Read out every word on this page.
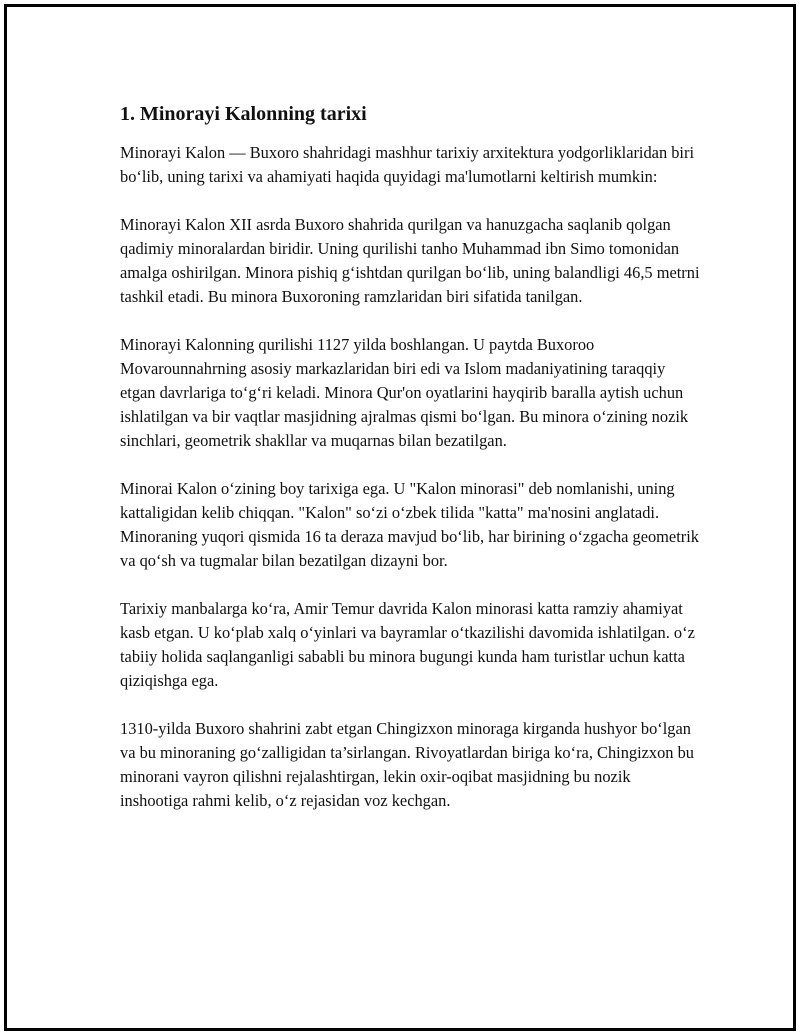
1. Minorayi Kalonning tarixi

Minorayi Kalon — Buxoro shahridagi mashhur tarixiy arxitektura yodgorliklaridan biri bo‘lib, uning tarixi va ahamiyati haqida quyidagi ma'lumotlarni keltirish mumkin:

Minorayi Kalon XII asrda Buxoro shahrida qurilgan va hanuzgacha saqlanib qolgan qadimiy minoralardan biridir. Uning qurilishi tanho Muhammad ibn Simo tomonidan amalga oshirilgan. Minora pishiq g‘ishtdan qurilgan bo‘lib, uning balandligi 46,5 metrni tashkil etadi. Bu minora Buxoroning ramzlaridan biri sifatida tanilgan.

Minorayi Kalonning qurilishi 1127 yilda boshlangan. U paytda Buxoroo Movarounnahrning asosiy markazlaridan biri edi va Islom madaniyatining taraqqiy etgan davrlariga to‘g‘ri keladi. Minora Qur'on oyatlarini hayqirib baralla aytish uchun ishlatilgan va bir vaqtlar masjidning ajralmas qismi bo‘lgan. Bu minora o‘zining nozik sinchlari, geometrik shakllar va muqarnas bilan bezatilgan.

Minorai Kalon o‘zining boy tarixiga ega. U "Kalon minorasi" deb nomlanishi, uning kattaligidan kelib chiqqan. "Kalon" so‘zi o‘zbek tilida "katta" ma'nosini anglatadi. Minoraning yuqori qismida 16 ta deraza mavjud bo‘lib, har birining o‘zgacha geometrik va qo‘sh va tugmalar bilan bezatilgan dizayni bor.

Tarixiy manbalarga ko‘ra, Amir Temur davrida Kalon minorasi katta ramziy ahamiyat kasb etgan. U ko‘plab xalq o‘yinlari va bayramlar o‘tkazilishi davomida ishlatilgan. o‘z tabiiy holida saqlanganligi sababli bu minora bugungi kunda ham turistlar uchun katta qiziqishga ega.

1310-yilda Buxoro shahrini zabt etgan Chingizxon minoraga kirganda hushyor bo‘lgan va bu minoraning go‘zalligidan ta’sirlangan. Rivoyatlardan biriga ko‘ra, Chingizxon bu minorani vayron qilishni rejalashtirgan, lekin oxir-oqibat masjidning bu nozik inshootiga rahmi kelib, o‘z rejasidan voz kechgan.
